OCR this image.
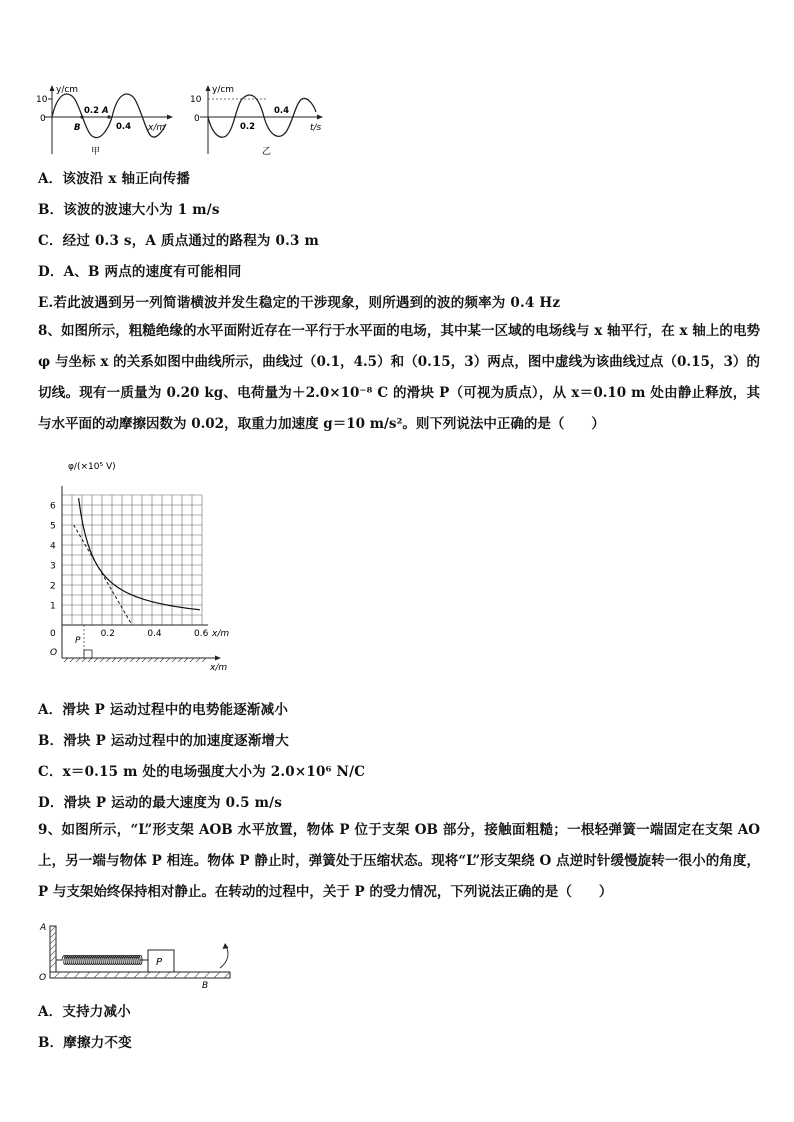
y/cm
10
0
0.2 A
B	0.4 x/m
甲
y/cm
10
0
0.2
0.4
t/s
乙
A．该波沿 x 轴正向传播
B．该波的波速大小为 1 m/s
C．经过 0.3 s，A 质点通过的路程为 0.3 m
D．A、B 两点的速度有可能相同
E.若此波遇到另一列简谐横波并发生稳定的干涉现象，则所遇到的波的频率为 0.4 Hz
8、如图所示，粗糙绝缘的水平面附近存在一平行于水平面的电场，其中某一区域的电场线与 x 轴平行，在 x 轴上的电势 φ 与坐标 x 的关系如图中曲线所示，曲线过（0.1，4.5）和（0.15，3）两点，图中虚线为该曲线过点（0.15，3）的切线。现有一质量为 0.20 kg、电荷量为＋2.0×10⁻⁸ C 的滑块 P（可视为质点），从 x＝0.10 m 处由静止释放，其与水平面的动摩擦因数为 0.02，取重力加速度 g＝10 m/s²。则下列说法中正确的是（　　）
φ/(×10⁵ V)
6
5
4
3
2
1
0	0.2	0.4	0.6 x/m
P
O
x/m
A．滑块 P 运动过程中的电势能逐渐减小
B．滑块 P 运动过程中的加速度逐渐增大
C．x＝0.15 m 处的电场强度大小为 2.0×10⁶ N/C
D．滑块 P 运动的最大速度为 0.5 m/s
9、如图所示，“L”形支架 AOB 水平放置，物体 P 位于支架 OB 部分，接触面粗糙；一根轻弹簧一端固定在支架 AO 上，另一端与物体 P 相连。物体 P 静止时，弹簧处于压缩状态。现将“L”形支架绕 O 点逆时针缓慢旋转一很小的角度，P 与支架始终保持相对静止。在转动的过程中，关于 P 的受力情况，下列说法正确的是（　　）
P
A
O
B
A．支持力减小
B．摩擦力不变
